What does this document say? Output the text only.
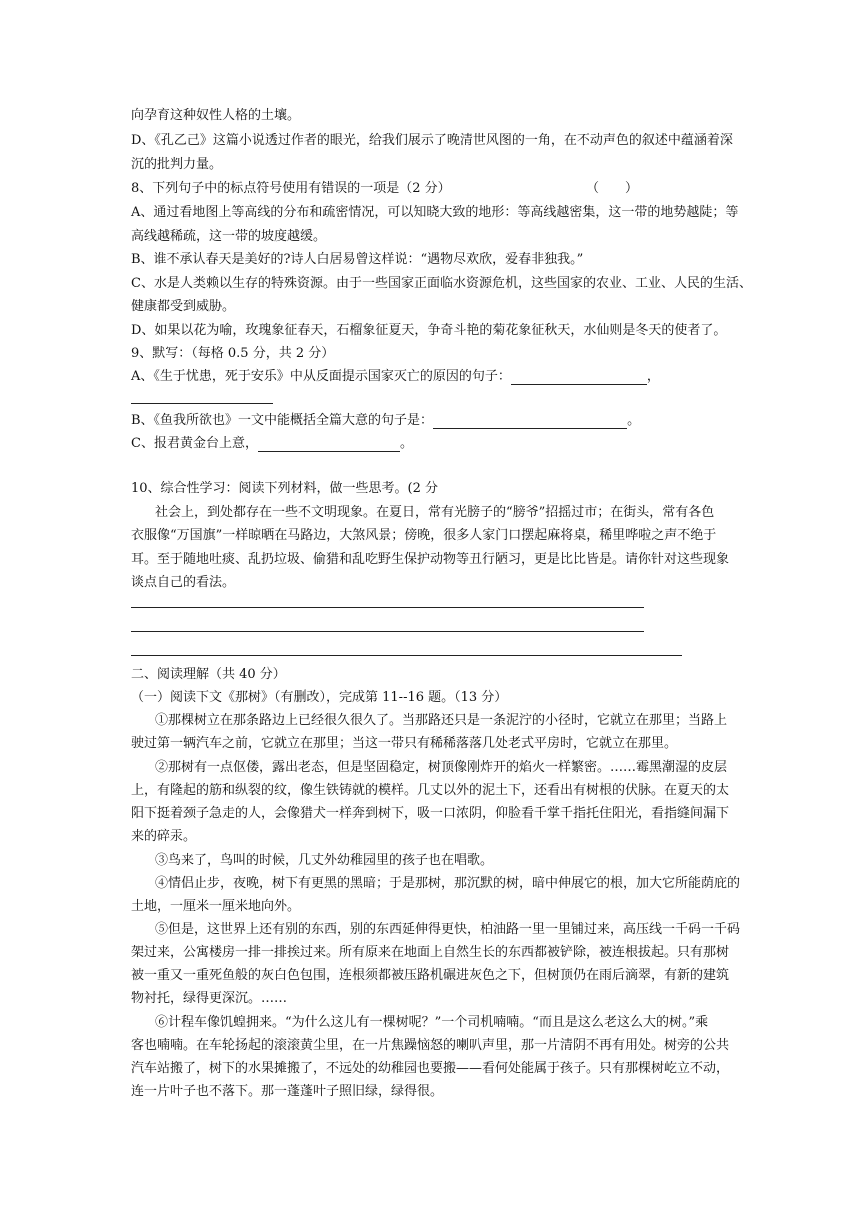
向孕育这种奴性人格的土壤。
D、《孔乙己》这篇小说透过作者的眼光，给我们展示了晚清世风图的一角，在不动声色的叙述中蕴涵着深
沉的批判力量。
8、下列句子中的标点符号使用有错误的一项是（2 分）	（　　）
A、通过看地图上等高线的分布和疏密情况，可以知晓大致的地形：等高线越密集，这一带的地势越陡；等
高线越稀疏，这一带的坡度越缓。
B、谁不承认春天是美好的?诗人白居易曾这样说：“遇物尽欢欣，爱春非独我。”
C、水是人类赖以生存的特殊资源。由于一些国家正面临水资源危机，这些国家的农业、工业、人民的生活、
健康都受到威胁。
D、如果以花为喻，玫瑰象征春天，石榴象征夏天，争奇斗艳的菊花象征秋天，水仙则是冬天的使者了。
9、默写：（每格 0.5 分，共 2 分）
A、《生于忧患，死于安乐》中从反面提示国家灭亡的原因的句子：	，
B、《鱼我所欲也》一文中能概括全篇大意的句子是：	。
C、报君黄金台上意，	。
10、综合性学习：阅读下列材料，做一些思考。(2 分
社会上，到处都存在一些不文明现象。在夏日，常有光膀子的“膀爷”招摇过市；在街头，常有各色
衣服像“万国旗”一样晾晒在马路边，大煞风景；傍晚，很多人家门口摆起麻将桌，稀里哗啦之声不绝于
耳。至于随地吐痰、乱扔垃圾、偷猎和乱吃野生保护动物等丑行陋习，更是比比皆是。请你针对这些现象
谈点自己的看法。
二、阅读理解（共 40 分）
（一）阅读下文《那树》（有删改），完成第 11--16 题。（13 分）
①那棵树立在那条路边上已经很久很久了。当那路还只是一条泥泞的小径时，它就立在那里；当路上
驶过第一辆汽车之前，它就立在那里；当这一带只有稀稀落落几处老式平房时，它就立在那里。
②那树有一点伛偻，露出老态，但是坚固稳定，树顶像刚炸开的焰火一样繁密。……霉黑潮湿的皮层
上，有隆起的筋和纵裂的纹，像生铁铸就的模样。几丈以外的泥土下，还看出有树根的伏脉。在夏天的太
阳下挺着颈子急走的人，会像猎犬一样奔到树下，吸一口浓阴，仰脸看千掌千指托住阳光，看指缝间漏下
来的碎汞。
③鸟来了，鸟叫的时候，几丈外幼稚园里的孩子也在唱歌。
④情侣止步，夜晚，树下有更黑的黑暗；于是那树，那沉默的树，暗中伸展它的根，加大它所能荫庇的
土地，一厘米一厘米地向外。
⑤但是，这世界上还有别的东西，别的东西延伸得更快，柏油路一里一里铺过来，高压线一千码一千码
架过来，公寓楼房一排一排挨过来。所有原来在地面上自然生长的东西都被铲除，被连根拔起。只有那树
被一重又一重死鱼般的灰白色包围，连根须都被压路机碾进灰色之下，但树顶仍在雨后滴翠，有新的建筑
物衬托，绿得更深沉。……
⑥计程车像饥蝗拥来。“为什么这儿有一棵树呢？”一个司机喃喃。“而且是这么老这么大的树。”乘
客也喃喃。在车轮扬起的滚滚黄尘里，在一片焦躁恼怒的喇叭声里，那一片清阴不再有用处。树旁的公共
汽车站搬了，树下的水果摊搬了，不远处的幼稚园也要搬——看何处能属于孩子。只有那棵树屹立不动，
连一片叶子也不落下。那一蓬蓬叶子照旧绿，绿得很。
